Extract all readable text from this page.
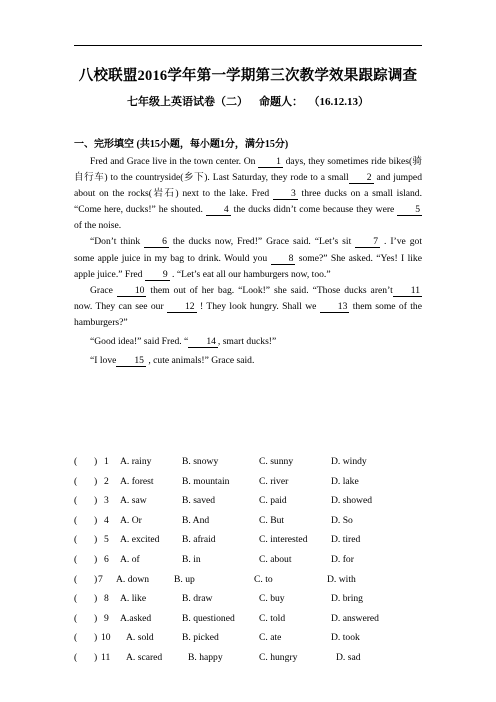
八校联盟2016学年第一学期第三次教学效果跟踪调查
七年级上英语试卷（二）    命题人：  （16.12.13）
一、完形填空 (共15小题，每小题1分，满分15分)

Fred and Grace live in the town center. On 1 days, they sometimes ride bikes(骑自行车) to the countryside(乡下). Last Saturday, they rode to a small 2 and jumped about on the rocks(岩石) next to the lake. Fred 3 three ducks on a small island. “Come here, ducks!” he shouted. 4 the ducks didn’t come because they were 5 of the noise.

“Don’t think 6 the ducks now, Fred!” Grace said. “Let’s sit 7 . I’ve got some apple juice in my bag to drink. Would you 8 some?” She asked. “Yes! I like apple juice.” Fred 9 . “Let’s eat all our hamburgers now, too.”

Grace 10 them out of her bag. “Look!” she said. “Those ducks aren’t 11 now. They can see our 12 ! They look hungry. Shall we 13 them some of the hamburgers?”

“Good idea!” said Fred. “ 14 , smart ducks!”

“I love 15 , cute animals!” Grace said.

( ) 1 A. rainy	B. snowy	C. sunny	D. windy
( ) 2 A. forest	B. mountain	C. river	D. lake
( ) 3 A. saw	B. saved	C. paid	D. showed
( ) 4 A. Or	B. And	C. But	D. So
( ) 5 A. excited B. afraid	C. interested D. tired
( ) 6 A. of	B. in	C. about	D. for
( ) 7 A. down	B. up	C. to	D. with
( ) 8 A. like	B. draw	C. buy	D. bring
( ) 9 A.asked	B. questioned	C. told	D. answered
( ) 10 A. sold	B. picked	C. ate	D. took
( ) 11 A. scared	B. happy	C. hungry	D. sad
